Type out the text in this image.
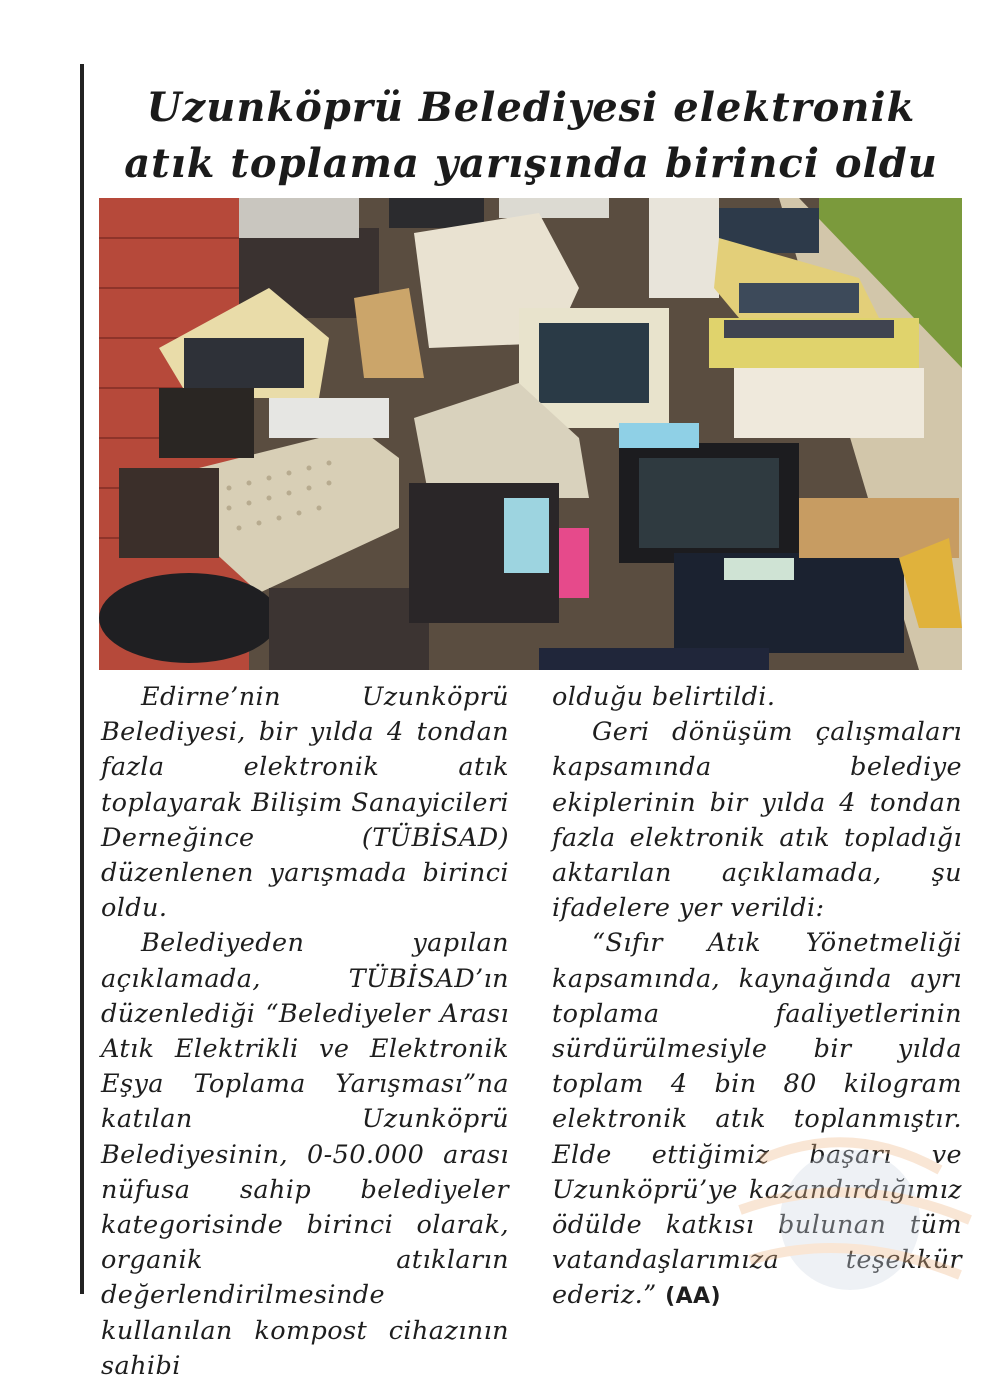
Uzunköprü Belediyesi elektronik atık toplama yarışında birinci oldu

Edirne’nin Uzunköprü Belediyesi, bir yılda 4 tondan fazla elektronik atık toplayarak Bilişim Sanayicileri Derneğince (TÜBİSAD) düzenlenen yarışmada birinci oldu.

Belediyeden yapılan açıklamada, TÜBİSAD’ın düzenlediği “Belediyeler Arası Atık Elektrikli ve Elektronik Eşya Toplama Yarışması”na katılan Uzunköprü Belediyesinin, 0-50.000 arası nüfusa sahip belediyeler kategorisinde birinci olarak, organik atıkların değerlendirilmesinde kullanılan kompost cihazının sahibi

olduğu belirtildi.

Geri dönüşüm çalışmaları kapsamında belediye ekiplerinin bir yılda 4 tondan fazla elektronik atık topladığı aktarılan açıklamada, şu ifadelere yer verildi:

“Sıfır Atık Yönetmeliği kapsamında, kaynağında ayrı toplama faaliyetlerinin sürdürülmesiyle bir yılda toplam 4 bin 80 kilogram elektronik atık toplanmıştır. Elde ettiğimiz başarı ve Uzunköprü’ye kazandırdığımız ödülde katkısı bulunan tüm vatandaşlarımıza teşekkür ederiz.” (AA)
